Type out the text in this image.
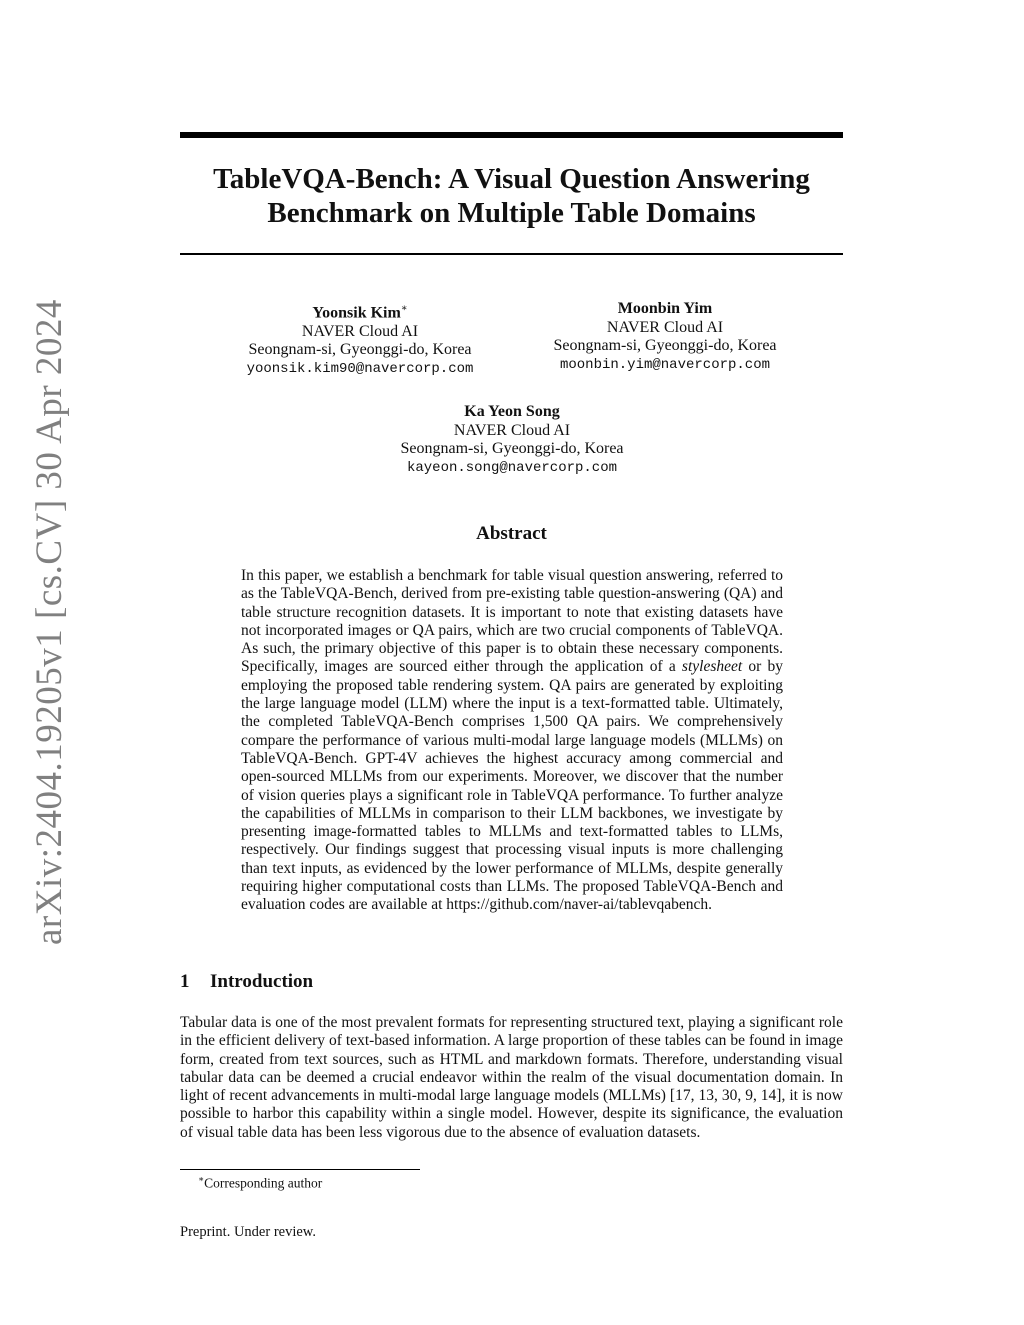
arXiv:2404.19205v1 [cs.CV] 30 Apr 2024
TableVQA-Bench: A Visual Question Answering Benchmark on Multiple Table Domains
Yoonsik Kim∗
NAVER Cloud AI
Seongnam-si, Gyeonggi-do, Korea
yoonsik.kim90@navercorp.com
Moonbin Yim
NAVER Cloud AI
Seongnam-si, Gyeonggi-do, Korea
moonbin.yim@navercorp.com
Ka Yeon Song
NAVER Cloud AI
Seongnam-si, Gyeonggi-do, Korea
kayeon.song@navercorp.com
Abstract

In this paper, we establish a benchmark for table visual question answering, referred to as the TableVQA-Bench, derived from pre-existing table question-answering (QA) and table structure recognition datasets. It is important to note that existing datasets have not incorporated images or QA pairs, which are two crucial components of TableVQA. As such, the primary objective of this paper is to obtain these necessary components. Specifically, images are sourced either through the application of a stylesheet or by employing the proposed table rendering system. QA pairs are generated by exploiting the large language model (LLM) where the input is a text-formatted table. Ultimately, the completed TableVQA-Bench comprises 1,500 QA pairs. We comprehensively compare the performance of various multi-modal large language models (MLLMs) on TableVQA-Bench. GPT-4V achieves the highest accuracy among commercial and open-sourced MLLMs from our experiments. Moreover, we discover that the number of vision queries plays a significant role in TableVQA performance. To further analyze the capabilities of MLLMs in comparison to their LLM backbones, we investigate by presenting image-formatted tables to MLLMs and text-formatted tables to LLMs, respectively. Our findings suggest that processing visual inputs is more challenging than text inputs, as evidenced by the lower performance of MLLMs, despite generally requiring higher computational costs than LLMs. The proposed TableVQA-Bench and evaluation codes are available at https://github.com/naver-ai/tablevqabench.

1 Introduction

Tabular data is one of the most prevalent formats for representing structured text, playing a significant role in the efficient delivery of text-based information. A large proportion of these tables can be found in image form, created from text sources, such as HTML and markdown formats. Therefore, understanding visual tabular data can be deemed a crucial endeavor within the realm of the visual documentation domain. In light of recent advancements in multi-modal large language models (MLLMs) [17, 13, 30, 9, 14], it is now possible to harbor this capability within a single model. However, despite its significance, the evaluation of visual table data has been less vigorous due to the absence of evaluation datasets.

∗Corresponding author
Preprint. Under review.
